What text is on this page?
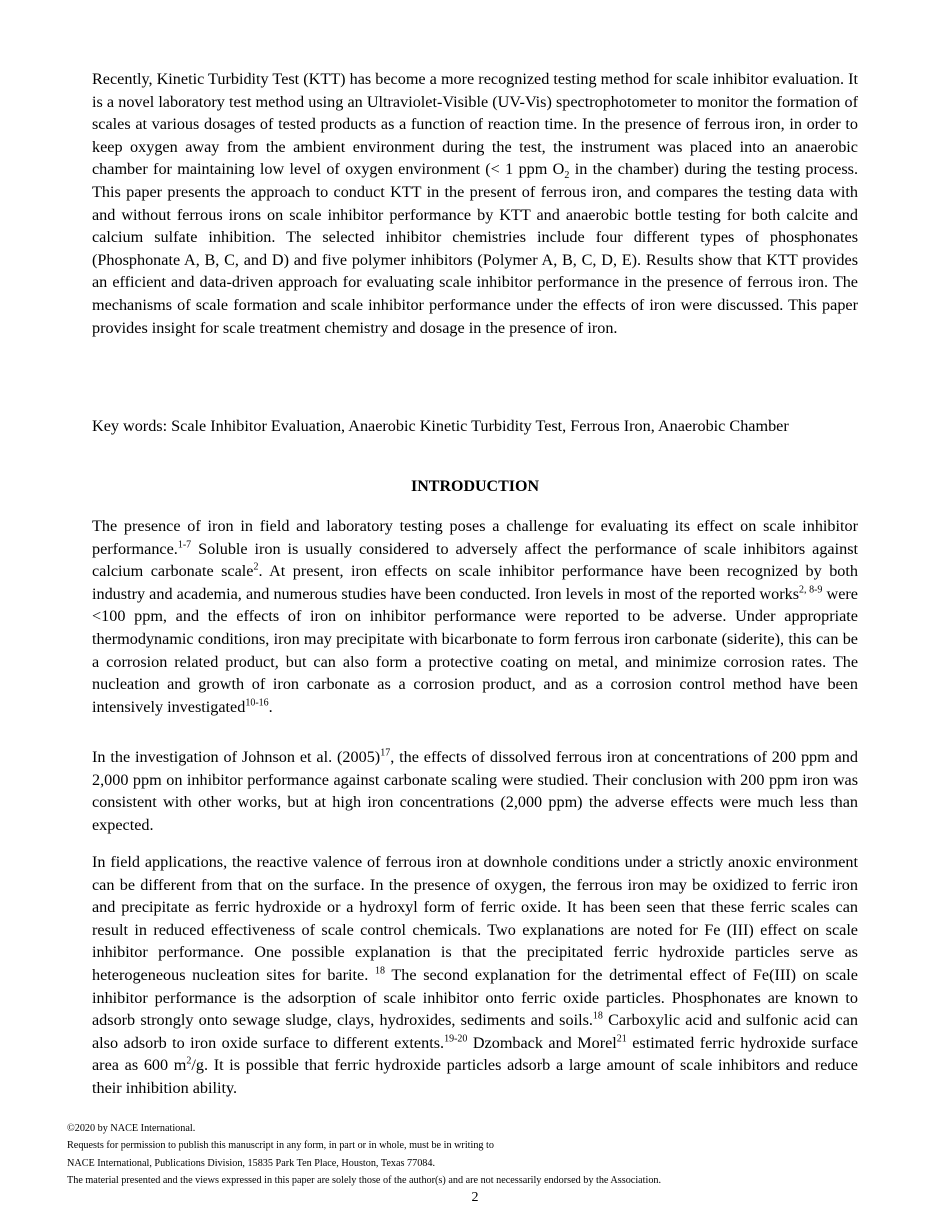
Recently, Kinetic Turbidity Test (KTT) has become a more recognized testing method for scale inhibitor evaluation. It is a novel laboratory test method using an Ultraviolet-Visible (UV-Vis) spectrophotometer to monitor the formation of scales at various dosages of tested products as a function of reaction time. In the presence of ferrous iron, in order to keep oxygen away from the ambient environment during the test, the instrument was placed into an anaerobic chamber for maintaining low level of oxygen environment (< 1 ppm $O_2$ in the chamber) during the testing process. This paper presents the approach to conduct KTT in the present of ferrous iron, and compares the testing data with and without ferrous irons on scale inhibitor performance by KTT and anaerobic bottle testing for both calcite and calcium sulfate inhibition. The selected inhibitor chemistries include four different types of phosphonates (Phosphonate A, B, C, and D) and five polymer inhibitors (Polymer A, B, C, D, E). Results show that KTT provides an efficient and data-driven approach for evaluating scale inhibitor performance in the presence of ferrous iron. The mechanisms of scale formation and scale inhibitor performance under the effects of iron were discussed. This paper provides insight for scale treatment chemistry and dosage in the presence of iron.

Key words: Scale Inhibitor Evaluation, Anaerobic Kinetic Turbidity Test, Ferrous Iron, Anaerobic Chamber

INTRODUCTION

The presence of iron in field and laboratory testing poses a challenge for evaluating its effect on scale inhibitor performance.$^{1-7}$ Soluble iron is usually considered to adversely affect the performance of scale inhibitors against calcium carbonate scale$^2$. At present, iron effects on scale inhibitor performance have been recognized by both industry and academia, and numerous studies have been conducted. Iron levels in most of the reported works$^{2, 8-9}$ were <100 ppm, and the effects of iron on inhibitor performance were reported to be adverse. Under appropriate thermodynamic conditions, iron may precipitate with bicarbonate to form ferrous iron carbonate (siderite), this can be a corrosion related product, but can also form a protective coating on metal, and minimize corrosion rates. The nucleation and growth of iron carbonate as a corrosion product, and as a corrosion control method have been intensively investigated$^{10-16}$.

In the investigation of Johnson et al. $(2005)^{17}$, the effects of dissolved ferrous iron at concentrations of 200 ppm and 2,000 ppm on inhibitor performance against carbonate scaling were studied. Their conclusion with 200 ppm iron was consistent with other works, but at high iron concentrations (2,000 ppm) the adverse effects were much less than expected.

In field applications, the reactive valence of ferrous iron at downhole conditions under a strictly anoxic environment can be different from that on the surface. In the presence of oxygen, the ferrous iron may be oxidized to ferric iron and precipitate as ferric hydroxide or a hydroxyl form of ferric oxide. It has been seen that these ferric scales can result in reduced effectiveness of scale control chemicals. Two explanations are noted for Fe (III) effect on scale inhibitor performance. One possible explanation is that the precipitated ferric hydroxide particles serve as heterogeneous nucleation sites for barite. $^{18}$ The second explanation for the detrimental effect of Fe(III) on scale inhibitor performance is the adsorption of scale inhibitor onto ferric oxide particles. Phosphonates are known to adsorb strongly onto sewage sludge, clays, hydroxides, sediments and soils.$^{18}$ Carboxylic acid and sulfonic acid can also adsorb to iron oxide surface to different extents.$^{19-20}$ Dzomback and Morel$^{21}$ estimated ferric hydroxide surface area as 600 $m^2/g$. It is possible that ferric hydroxide particles adsorb a large amount of scale inhibitors and reduce their inhibition ability.

©2020 by NACE International.
Requests for permission to publish this manuscript in any form, in part or in whole, must be in writing to
NACE International, Publications Division, 15835 Park Ten Place, Houston, Texas 77084.
The material presented and the views expressed in this paper are solely those of the author(s) and are not necessarily endorsed by the Association.
2
